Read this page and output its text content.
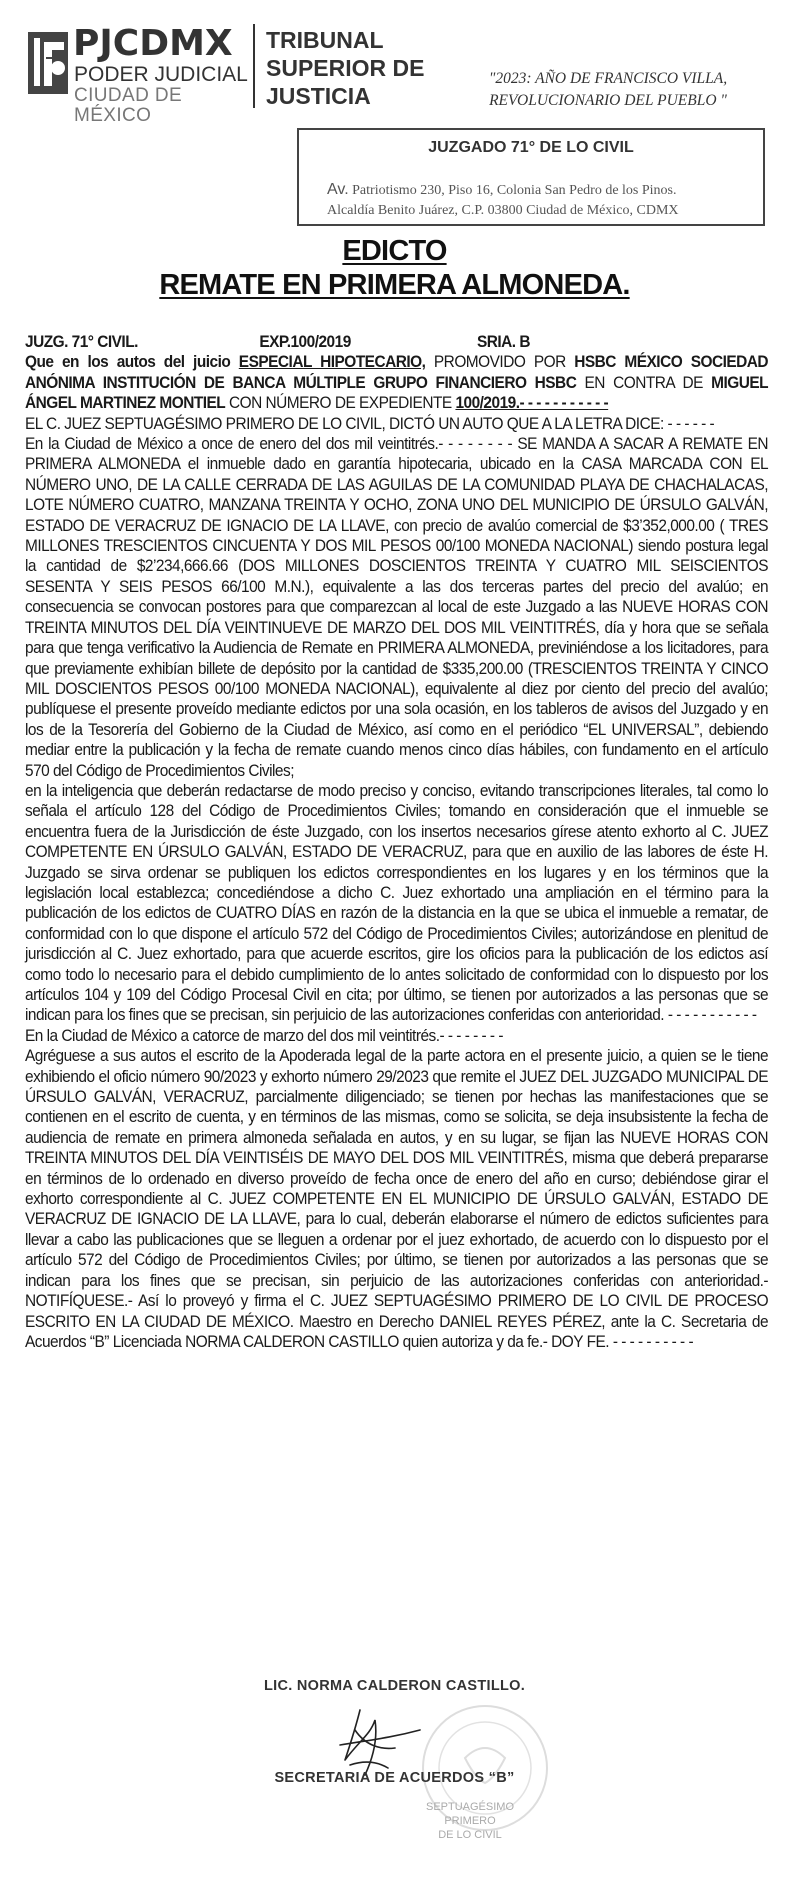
PJCDMX
PODER JUDICIAL
CIUDAD DE MÉXICO
TRIBUNAL
SUPERIOR DE
JUSTICIA
"2023: AÑO DE FRANCISCO VILLA,
REVOLUCIONARIO DEL PUEBLO "
JUZGADO 71° DE LO CIVIL
Av. Patriotismo 230, Piso 16, Colonia San Pedro de los Pinos.
Alcaldía Benito Juárez, C.P. 03800 Ciudad de México, CDMX
EDICTO
REMATE EN PRIMERA ALMONEDA.
JUZG. 71° CIVIL.	EXP.100/2019	SRIA. B

Que en los autos del juicio ESPECIAL HIPOTECARIO, PROMOVIDO POR HSBC MÉXICO SOCIEDAD ANÓNIMA INSTITUCIÓN DE BANCA MÚLTIPLE GRUPO FINANCIERO HSBC EN CONTRA DE MIGUEL ÁNGEL MARTINEZ MONTIEL CON NÚMERO DE EXPEDIENTE 100/2019.- - - - - - - - - - -

EL C. JUEZ SEPTUAGÉSIMO PRIMERO DE LO CIVIL, DICTÓ UN AUTO QUE A LA LETRA DICE: - - - - - -

En la Ciudad de México a once de enero del dos mil veintitrés.- - - - - - - - SE MANDA A SACAR A REMATE EN PRIMERA ALMONEDA el inmueble dado en garantía hipotecaria, ubicado en la CASA MARCADA CON EL NÚMERO UNO, DE LA CALLE CERRADA DE LAS AGUILAS DE LA COMUNIDAD PLAYA DE CHACHALACAS, LOTE NÚMERO CUATRO, MANZANA TREINTA Y OCHO, ZONA UNO DEL MUNICIPIO DE ÚRSULO GALVÁN, ESTADO DE VERACRUZ DE IGNACIO DE LA LLAVE, con precio de avalúo comercial de $3’352,000.00 ( TRES MILLONES TRESCIENTOS CINCUENTA Y DOS MIL PESOS 00/100 MONEDA NACIONAL) siendo postura legal la cantidad de $2’234,666.66 (DOS MILLONES DOSCIENTOS TREINTA Y CUATRO MIL SEISCIENTOS SESENTA Y SEIS PESOS 66/100 M.N.), equivalente a las dos terceras partes del precio del avalúo; en consecuencia se convocan postores para que comparezcan al local de este Juzgado a las NUEVE HORAS CON TREINTA MINUTOS DEL DÍA VEINTINUEVE DE MARZO DEL DOS MIL VEINTITRÉS, día y hora que se señala para que tenga verificativo la Audiencia de Remate en PRIMERA ALMONEDA, previniéndose a los licitadores, para que previamente exhibían billete de depósito por la cantidad de $335,200.00 (TRESCIENTOS TREINTA Y CINCO MIL DOSCIENTOS PESOS 00/100 MONEDA NACIONAL), equivalente al diez por ciento del precio del avalúo; publíquese el presente proveído mediante edictos por una sola ocasión, en los tableros de avisos del Juzgado y en los de la Tesorería del Gobierno de la Ciudad de México, así como en el periódico “EL UNIVERSAL”, debiendo mediar entre la publicación y la fecha de remate cuando menos cinco días hábiles, con fundamento en el artículo 570 del Código de Procedimientos Civiles;

en la inteligencia que deberán redactarse de modo preciso y conciso, evitando transcripciones literales, tal como lo señala el artículo 128 del Código de Procedimientos Civiles; tomando en consideración que el inmueble se encuentra fuera de la Jurisdicción de éste Juzgado, con los insertos necesarios gírese atento exhorto al C. JUEZ COMPETENTE EN ÚRSULO GALVÁN, ESTADO DE VERACRUZ, para que en auxilio de las labores de éste H. Juzgado se sirva ordenar se publiquen los edictos correspondientes en los lugares y en los términos que la legislación local establezca; concediéndose a dicho C. Juez exhortado una ampliación en el término para la publicación de los edictos de CUATRO DÍAS en razón de la distancia en la que se ubica el inmueble a rematar, de conformidad con lo que dispone el artículo 572 del Código de Procedimientos Civiles; autorizándose en plenitud de jurisdicción al C. Juez exhortado, para que acuerde escritos, gire los oficios para la publicación de los edictos así como todo lo necesario para el debido cumplimiento de lo antes solicitado de conformidad con lo dispuesto por los artículos 104 y 109 del Código Procesal Civil en cita; por último, se tienen por autorizados a las personas que se indican para los fines que se precisan, sin perjuicio de las autorizaciones conferidas con anterioridad. - - - - - - - - - - -

En la Ciudad de México a catorce de marzo del dos mil veintitrés.- - - - - - - -

Agréguese a sus autos el escrito de la Apoderada legal de la parte actora en el presente juicio, a quien se le tiene exhibiendo el oficio número 90/2023 y exhorto número 29/2023 que remite el JUEZ DEL JUZGADO MUNICIPAL DE ÚRSULO GALVÁN, VERACRUZ, parcialmente diligenciado; se tienen por hechas las manifestaciones que se contienen en el escrito de cuenta, y en términos de las mismas, como se solicita, se deja insubsistente la fecha de audiencia de remate en primera almoneda señalada en autos, y en su lugar, se fijan las NUEVE HORAS CON TREINTA MINUTOS DEL DÍA VEINTISÉIS DE MAYO DEL DOS MIL VEINTITRÉS, misma que deberá prepararse en términos de lo ordenado en diverso proveído de fecha once de enero del año en curso; debiéndose girar el exhorto correspondiente al C. JUEZ COMPETENTE EN EL MUNICIPIO DE ÚRSULO GALVÁN, ESTADO DE VERACRUZ DE IGNACIO DE LA LLAVE, para lo cual, deberán elaborarse el número de edictos suficientes para llevar a cabo las publicaciones que se lleguen a ordenar por el juez exhortado, de acuerdo con lo dispuesto por el artículo 572 del Código de Procedimientos Civiles; por último, se tienen por autorizados a las personas que se indican para los fines que se precisan, sin perjuicio de las autorizaciones conferidas con anterioridad.- NOTIFÍQUESE.- Así lo proveyó y firma el C. JUEZ SEPTUAGÉSIMO PRIMERO DE LO CIVIL DE PROCESO ESCRITO EN LA CIUDAD DE MÉXICO. Maestro en Derecho DANIEL REYES PÉREZ, ante la C. Secretaria de Acuerdos “B” Licenciada NORMA CALDERON CASTILLO quien autoriza y da fe.- DOY FE. - - - - - - - - - -

LIC. NORMA CALDERON CASTILLO.
SEPTUAGÉSIMO PRIMERO
DE LO CIVIL
SECRETARIA DE ACUERDOS “B”
